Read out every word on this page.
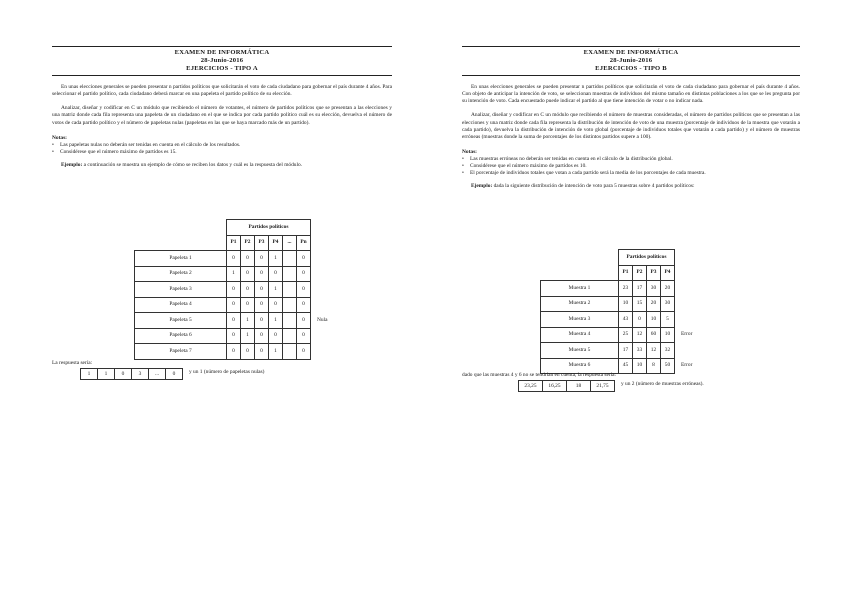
EXAMEN DE INFORMÁTICA
28-Junio-2016
EJERCICIOS - TIPO A

En unas elecciones generales se pueden presentar n partidos políticos que solicitarán el voto de cada ciudadano para gobernar el país durante 4 años. Para seleccionar el partido político, cada ciudadano deberá marcar en una papeleta el partido político de su elección.

Analizar, diseñar y codificar en C un módulo que recibiendo el número de votantes, el número de partidos políticos que se presentan a las elecciones y una matriz donde cada fila representa una papeleta de un ciudadano en el que se indica por cada partido político cuál es su elección, devuelva el número de votos de cada partido político y el número de papeletas nulas (papeletas en las que se haya marcado más de un partido).

Notas:
• Las papeletas nulas no deberán ser tenidas en cuenta en el cálculo de los resultados.
• Considérese que el número máximo de partidos es 15.

Ejemplo: a continuación se muestra un ejemplo de cómo se reciben los datos y cuál es la respuesta del módulo.

	Partidos políticos						
	P1	P2	P3	P4	...	Pn	
Papeleta 1	0	0	0	1		0	
Papeleta 2	1	0	0	0		0	
Papeleta 3	0	0	0	1		0	
Papeleta 4	0	0	0	0		0	
Papeleta 5	0	1	0	1		0	Nula
Papeleta 6	0	1	0	0		0	
Papeleta 7	0	0	0	1		0	
La respuesta sería:
1	1	0	3	...	0	y un 1 (número de papeletas nulas)
EXAMEN DE INFORMÁTICA
28-Junio-2016
EJERCICIOS - TIPO B

En unas elecciones generales se pueden presentar n partidos políticos que solicitarán el voto de cada ciudadano para gobernar el país durante 4 años. Con objeto de anticipar la intención de voto, se seleccionan muestras de individuos del mismo tamaño en distintas poblaciones a los que se les pregunta por su intención de voto. Cada encuestado puede indicar el partido al que tiene intención de votar o no indicar nada.

Analizar, diseñar y codificar en C un módulo que recibiendo el número de muestras consideradas, el número de partidos políticos que se presentan a las elecciones y una matriz donde cada fila representa la distribución de intención de voto de una muestra (porcentaje de individuos de la muestra que votarán a cada partido), devuelva la distribución de intención de voto global (porcentaje de individuos totales que votarán a cada partido) y el número de muestras erróneas (muestras donde la suma de porcentajes de los distintos partidos supere a 100).

Notas:
• Las muestras erróneas no deberán ser tenidas en cuenta en el cálculo de la distribución global.
• Considérese que el número máximo de partidos es 10.
• El porcentaje de individuos totales que votan a cada partido será la media de los porcentajes de cada muestra.

Ejemplo: dada la siguiente distribución de intención de voto para 5 muestras sobre 4 partidos políticos:

	Partidos políticos				
	P1	P2	P3	P4	
Muestra 1	23	17	30	20	
Muestra 2	10	15	20	30	
Muestra 3	43	0	10	5	
Muestra 4	25	12	60	10	Error
Muestra 5	17	33	12	32	
Muestra 6	45	10	8	50	Error
dado que las muestras 4 y 6 no se tendrían en cuenta, la respuesta sería:
23,25	16,25	18	21,75 y un 2 (número de muestras erróneas).
